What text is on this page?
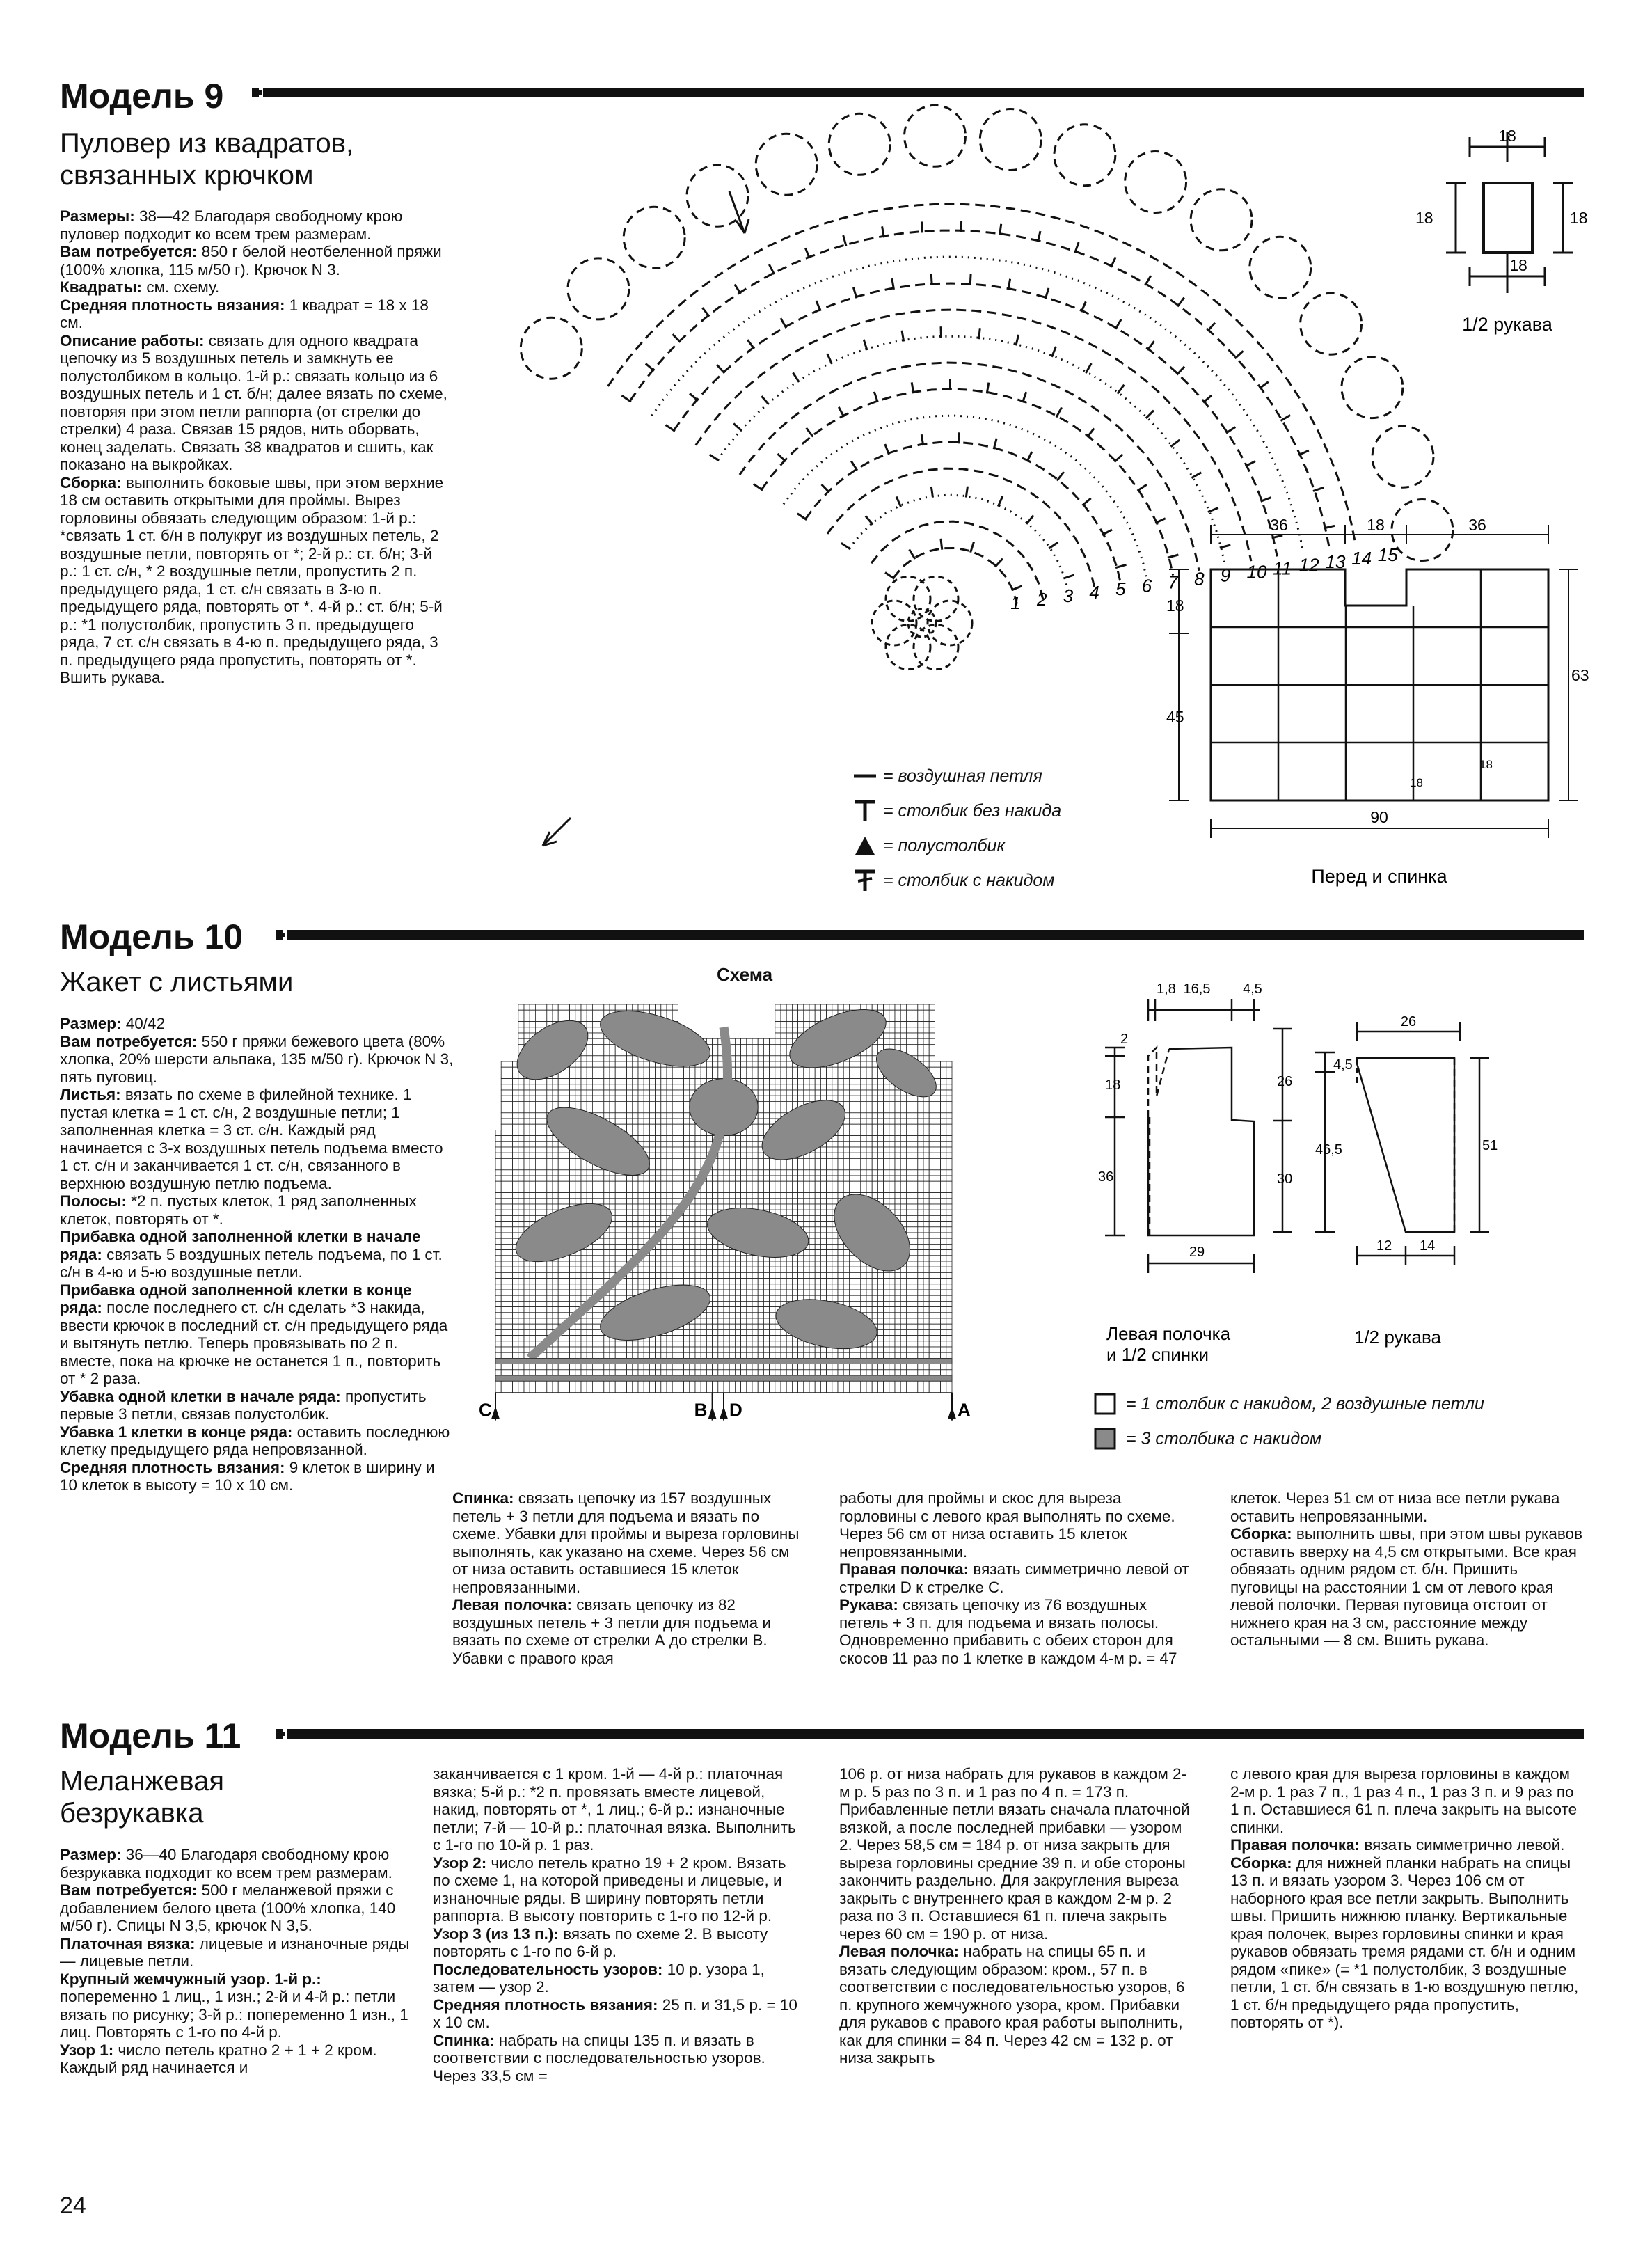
Модель 9
Пуловер из квадратов,
связанных крючком

Размеры: 38—42 Благодаря свободному крою пуловер подходит ко всем трем размерам.

Вам потребуется: 850 г белой неотбеленной пряжи (100% хлопка, 115 м/50 г). Крючок N 3.

Квадраты: см. схему.

Средняя плотность вязания: 1 квадрат = 18 х 18 см.

Описание работы: связать для одного квадрата цепочку из 5 воздушных петель и замкнуть ее полустолбиком в кольцо. 1-й р.: связать кольцо из 6 воздушных петель и 1 ст. б/н; далее вязать по схеме, повторяя при этом петли раппорта (от стрелки до стрелки) 4 раза. Связав 15 рядов, нить оборвать, конец заделать. Связать 38 квадратов и сшить, как показано на выкройках.

Сборка: выполнить боковые швы, при этом верхние 18 см оставить открытыми для проймы. Вырез горловины обвязать следующим образом: 1-й р.: *связать 1 ст. б/н в полукруг из воздушных петель, 2 воздушные петли, повторять от *; 2-й р.: ст. б/н; 3-й р.: 1 ст. с/н, * 2 воздушные петли, пропустить 2 п. предыдущего ряда, 1 ст. с/н связать в 3-ю п. предыдущего ряда, повторять от *. 4-й р.: ст. б/н; 5-й р.: *1 полустолбик, пропустить 3 п. предыдущего ряда, 7 ст. с/н связать в 4-ю п. предыдущего ряда, 3 п. предыдущего ряда пропустить, повторять от *. Вшить рукава.

15
14
13
12
11
10
9
8
7
6
5
4
3
2
1
= воздушная петля
= столбик без накида
= полустолбик
= столбик с накидом
18
18	18
18
1/2 рукава
36	18	36
18
45
63
90
18
18
Перед и спинка
Модель 10
Жакет с листьями

Размер: 40/42

Вам потребуется: 550 г пряжи бежевого цвета (80% хлопка, 20% шерсти альпака, 135 м/50 г). Крючок N 3, пять пуговиц.

Листья: вязать по схеме в филейной технике. 1 пустая клетка = 1 ст. с/н, 2 воздушные петли; 1 заполненная клетка = 3 ст. с/н. Каждый ряд начинается с 3-х воздушных петель подъема вместо 1 ст. с/н и заканчивается 1 ст. с/н, связанного в верхнюю воздушную петлю подъема.

Полосы: *2 п. пустых клеток, 1 ряд заполненных клеток, повторять от *.

Прибавка одной заполненной клетки в начале ряда: связать 5 воздушных петель подъема, по 1 ст. с/н в 4-ю и 5-ю воздушные петли.

Прибавка одной заполненной клетки в конце ряда: после последнего ст. с/н сделать *3 накида, ввести крючок в последний ст. с/н предыдущего ряда и вытянуть петлю. Теперь провязывать по 2 п. вместе, пока на крючке не останется 1 п., повторить от * 2 раза.

Убавка одной клетки в начале ряда: пропустить первые 3 петли, связав полустолбик.

Убавка 1 клетки в конце ряда: оставить последнюю клетку предыдущего ряда непровязанной.

Средняя плотность вязания: 9 клеток в ширину и 10 клеток в высоту = 10 х 10 см.

Схема
C	B D	A	= 1 столбик с накидом, 2 воздушные петли
= 3 столбика с накидом
1,8 16,5 4,5
2
18
36
29
Левая полочка
и 1/2 спинки
26
30
26
4,5
46,5	51
12 14
1/2 рукава

Спинка: связать цепочку из 157 воздушных петель + 3 петли для подъема и вязать по схеме. Убавки для проймы и выреза горловины выполнять, как указано на схеме. Через 56 см от низа оставить оставшиеся 15 клеток непровязанными.

Левая полочка: связать цепочку из 82 воздушных петель + 3 петли для подъема и вязать по схеме от стрелки А до стрелки В. Убавки с правого края

работы для проймы и скос для выреза горловины с левого края выполнять по схеме. Через 56 см от низа оставить 15 клеток непровязанными.

Правая полочка: вязать симметрично левой от стрелки D к стрелке С.

Рукава: связать цепочку из 76 воздушных петель + 3 п. для подъема и вязать полосы. Одновременно прибавить с обеих сторон для скосов 11 раз по 1 клетке в каждом 4-м р. = 47

клеток. Через 51 см от низа все петли рукава оставить непровязанными.

Сборка: выполнить швы, при этом швы рукавов оставить вверху на 4,5 см открытыми. Все края обвязать одним рядом ст. б/н. Пришить пуговицы на расстоянии 1 см от левого края левой полочки. Первая пуговица отстоит от нижнего края на 3 см, расстояние между остальными — 8 см. Вшить рукава.

Модель 11
Меланжевая
безрукавка

Размер: 36—40 Благодаря свободному крою безрукавка подходит ко всем трем размерам.

Вам потребуется: 500 г меланжевой пряжи с добавлением белого цвета (100% хлопка, 140 м/50 г). Спицы N 3,5, крючок N 3,5.

Платочная вязка: лицевые и изнаночные ряды — лицевые петли.

Крупный жемчужный узор. 1-й р.: попеременно 1 лиц., 1 изн.; 2-й и 4-й р.: петли вязать по рисунку; 3-й р.: попеременно 1 изн., 1 лиц. Повторять с 1-го по 4-й р.

Узор 1: число петель кратно 2 + 1 + 2 кром. Каждый ряд начинается и

заканчивается с 1 кром. 1-й — 4-й р.: платочная вязка; 5-й р.: *2 п. провязать вместе лицевой, накид, повторять от *, 1 лиц.; 6-й р.: изнаночные петли; 7-й — 10-й р.: платочная вязка. Выполнить с 1-го по 10-й р. 1 раз.

Узор 2: число петель кратно 19 + 2 кром. Вязать по схеме 1, на которой приведены и лицевые, и изнаночные ряды. В ширину повторять петли раппорта. В высоту повторить с 1-го по 12-й р.

Узор 3 (из 13 п.): вязать по схеме 2. В высоту повторять с 1-го по 6-й р.

Последовательность узоров: 10 р. узора 1, затем — узор 2.

Средняя плотность вязания: 25 п. и 31,5 р. = 10 х 10 см.

Спинка: набрать на спицы 135 п. и вязать в соответствии с последовательностью узоров. Через 33,5 см =

106 р. от низа набрать для рукавов в каждом 2-м р. 5 раз по 3 п. и 1 раз по 4 п. = 173 п. Прибавленные петли вязать сначала платочной вязкой, а после последней прибавки — узором 2. Через 58,5 см = 184 р. от низа закрыть для выреза горловины средние 39 п. и обе стороны закончить раздельно. Для закругления выреза закрыть с внутреннего края в каждом 2-м р. 2 раза по 3 п. Оставшиеся 61 п. плеча закрыть через 60 см = 190 р. от низа.

Левая полочка: набрать на спицы 65 п. и вязать следующим образом: кром., 57 п. в соответствии с последовательностью узоров, 6 п. крупного жемчужного узора, кром. Прибавки для рукавов с правого края работы выполнить, как для спинки = 84 п. Через 42 см = 132 р. от низа закрыть

с левого края для выреза горловины в каждом 2-м р. 1 раз 7 п., 1 раз 4 п., 1 раз 3 п. и 9 раз по 1 п. Оставшиеся 61 п. плеча закрыть на высоте спинки.

Правая полочка: вязать симметрично левой.

Сборка: для нижней планки набрать на спицы 13 п. и вязать узором 3. Через 106 см от наборного края все петли закрыть. Выполнить швы. Пришить нижнюю планку. Вертикальные края полочек, вырез горловины спинки и края рукавов обвязать тремя рядами ст. б/н и одним рядом «пике» (= *1 полустолбик, 3 воздушные петли, 1 ст. б/н связать в 1-ю воздушную петлю, 1 ст. б/н предыдущего ряда пропустить, повторять от *).

24
